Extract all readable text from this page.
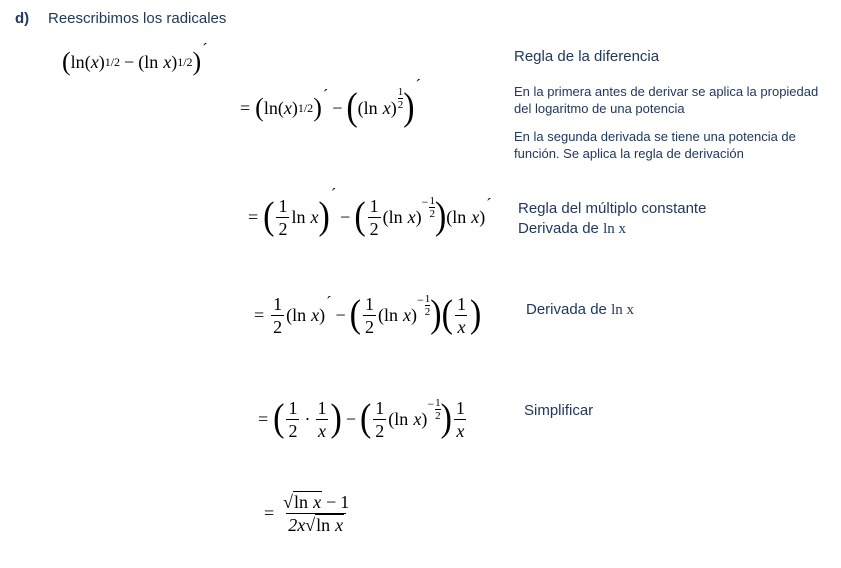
d) Reescribimos los radicales
( ln ( x ) 1/2 − ( ln x ) 1/2 ) ´
= ( ln ( x ) 1/2 ) ´
− ( ( ln x )
1
2 )
´
= ( $\frac{1}{2}$ ln x )
´
− ( $\frac{1}{2}$ ( ln x )
− $\frac{1}{2}$ ) ( ln x )
´
= $\frac{1}{2}$ ( ln x )
´
− ( $\frac{1}{2}$ ( ln x )
− $\frac{1}{2}$ ) ( $\frac{1}{x}$ )
= ( $\frac{1}{2} \cdot \frac{1}{x}$ ) − ( $\frac{1}{2}$ ( ln x )
− $\frac{1}{2}$ ) $\frac{1}{x}$
= $\frac{\text{√ln x − 1}}{\text{2x√ln x}}$
Regla de la diferencia
En la primera antes de derivar se aplica la propiedad del logaritmo de una potencia
En la segunda derivada se tiene una potencia de función. Se aplica la regla de derivación
Regla del múltiplo constante
Derivada de ln x
Derivada de ln x
Simplificar
